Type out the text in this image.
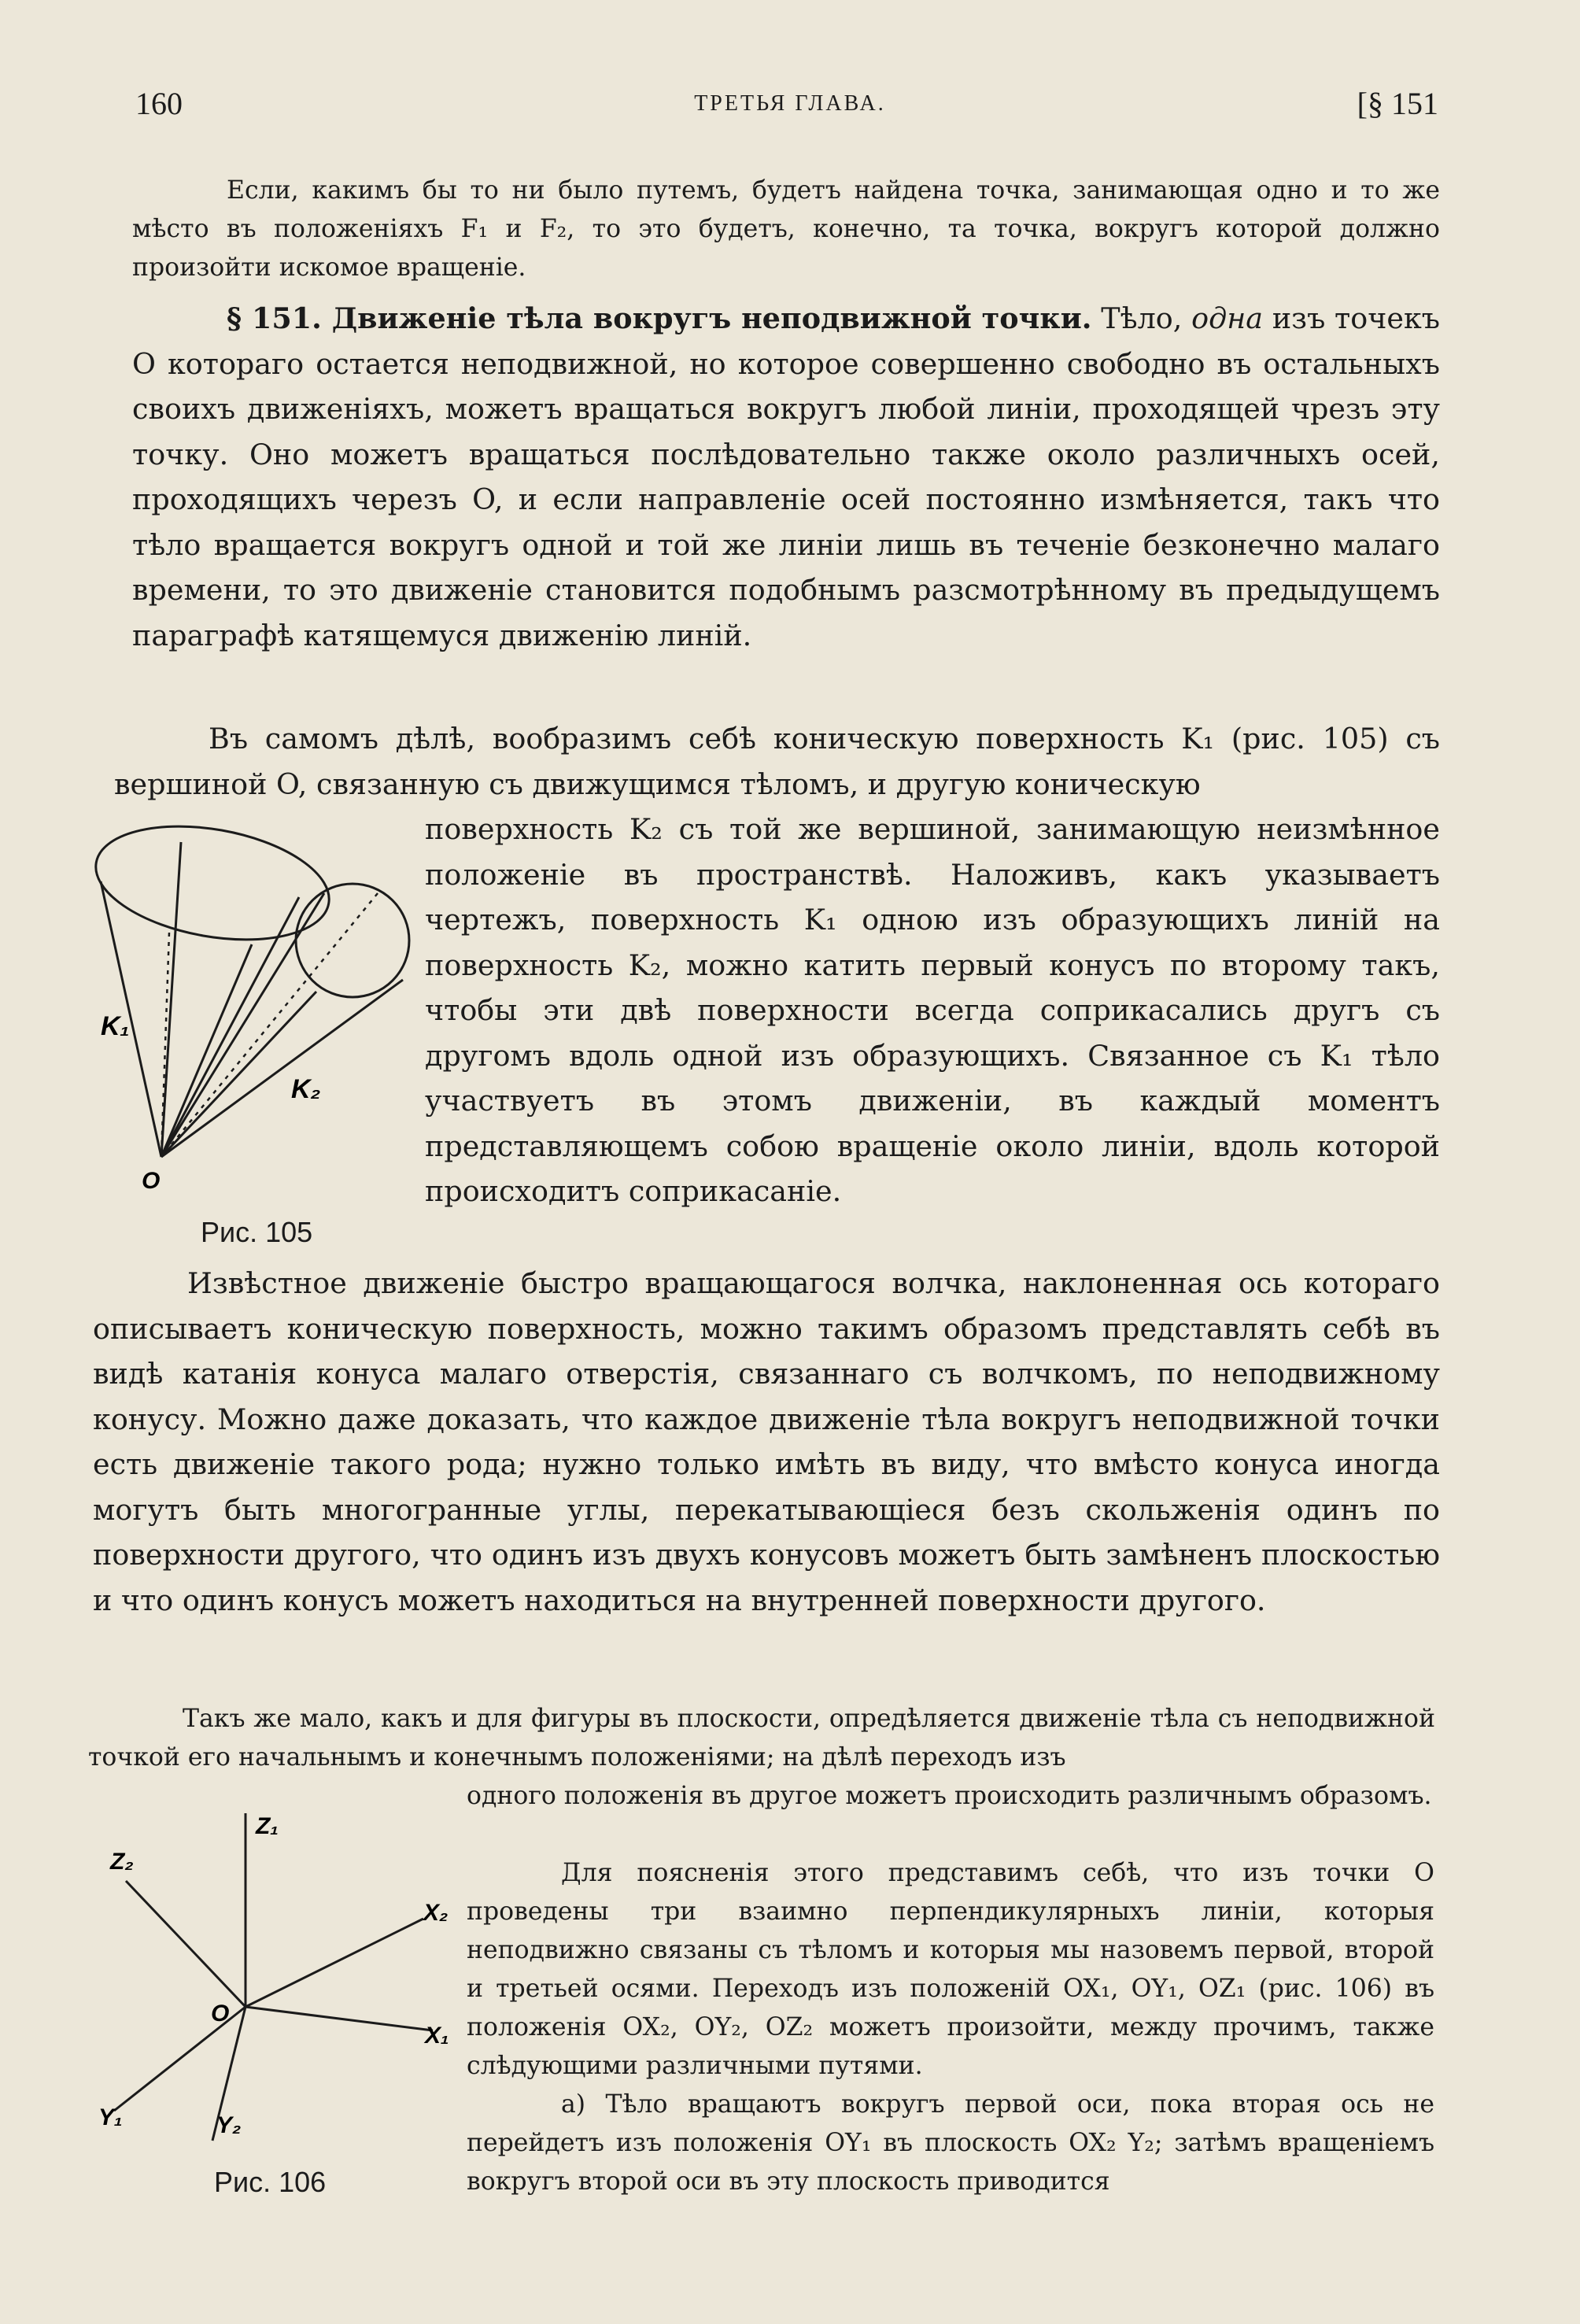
160	ТРЕТЬЯ ГЛАВА.	[§ 151
Если, какимъ бы то ни было путемъ, будетъ найдена точка, занимающая одно и то же мѣсто въ положеніяхъ F₁ и F₂, то это будетъ, конечно, та точка, вокругъ которой должно произойти искомое вращеніе.
§ 151. Движеніе тѣла вокругъ неподвижной точки. Тѣло, одна изъ точекъ O котораго остается неподвижной, но которое совершенно свободно въ остальныхъ своихъ движеніяхъ, можетъ вращаться вокругъ любой линіи, проходящей чрезъ эту точку. Оно можетъ вращаться послѣдовательно также около различныхъ осей, проходящихъ черезъ O, и если направленіе осей постоянно измѣняется, такъ что тѣло вращается вокругъ одной и той же линіи лишь въ теченіе безконечно малаго времени, то это движеніе становится подобнымъ разсмотрѣнному въ предыдущемъ параграфѣ катящемуся движенію линій.
Въ самомъ дѣлѣ, вообразимъ себѣ коническую поверхность K₁ (рис. 105) съ вершиной O, связанную съ движущимся тѣломъ, и другую коническую
поверхность K₂ съ той же вершиной, занимающую неизмѣнное положеніе въ пространствѣ. Наложивъ, какъ указываетъ чертежъ, поверхность K₁ одною изъ образующихъ линій на поверхность K₂, можно катить первый конусъ по второму такъ, чтобы эти двѣ поверхности всегда соприкасались другъ съ другомъ вдоль одной изъ образующихъ. Связанное съ K₁ тѣло участвуетъ въ этомъ движеніи, въ каждый моментъ представляющемъ собою вращеніе около линіи, вдоль которой происходитъ соприкасаніе.
K₁
K₂
O
Рис. 105
Извѣстное движеніе быстро вращающагося волчка, наклоненная ось котораго описываетъ коническую поверхность, можно такимъ образомъ представлять себѣ въ видѣ катанія конуса малаго отверстія, связаннаго съ волчкомъ, по неподвижному конусу. Можно даже доказать, что каждое движеніе тѣла вокругъ неподвижной точки есть движеніе такого рода; нужно только имѣть въ виду, что вмѣсто конуса иногда могутъ быть многогранные углы, перекатывающіеся безъ скольженія одинъ по поверхности другого, что одинъ изъ двухъ конусовъ можетъ быть замѣненъ плоскостью и что одинъ конусъ можетъ находиться на внутренней поверхности другого.
Такъ же мало, какъ и для фигуры въ плоскости, опредѣляется движеніе тѣла съ неподвижной точкой его начальнымъ и конечнымъ положеніями; на дѣлѣ переходъ изъ
одного положенія въ другое можетъ происходить различнымъ образомъ.
Для поясненія этого представимъ себѣ, что изъ точки O проведены три взаимно перпендикулярныхъ линіи, которыя неподвижно связаны съ тѣломъ и которыя мы назовемъ первой, второй и третьей осями. Переходъ изъ положеній OX₁, OY₁, OZ₁ (рис. 106) въ положенія OX₂, OY₂, OZ₂ можетъ произойти, между прочимъ, также слѣдующими различными путями.
а) Тѣло вращаютъ вокругъ первой оси, пока вторая ось не перейдетъ изъ положенія OY₁ въ плоскость OX₂ Y₂; затѣмъ вращеніемъ вокругъ второй оси въ эту плоскость приводится
Z₁
Z₂
X₂
X₁
O
Y₁	Y₂
Рис. 106
